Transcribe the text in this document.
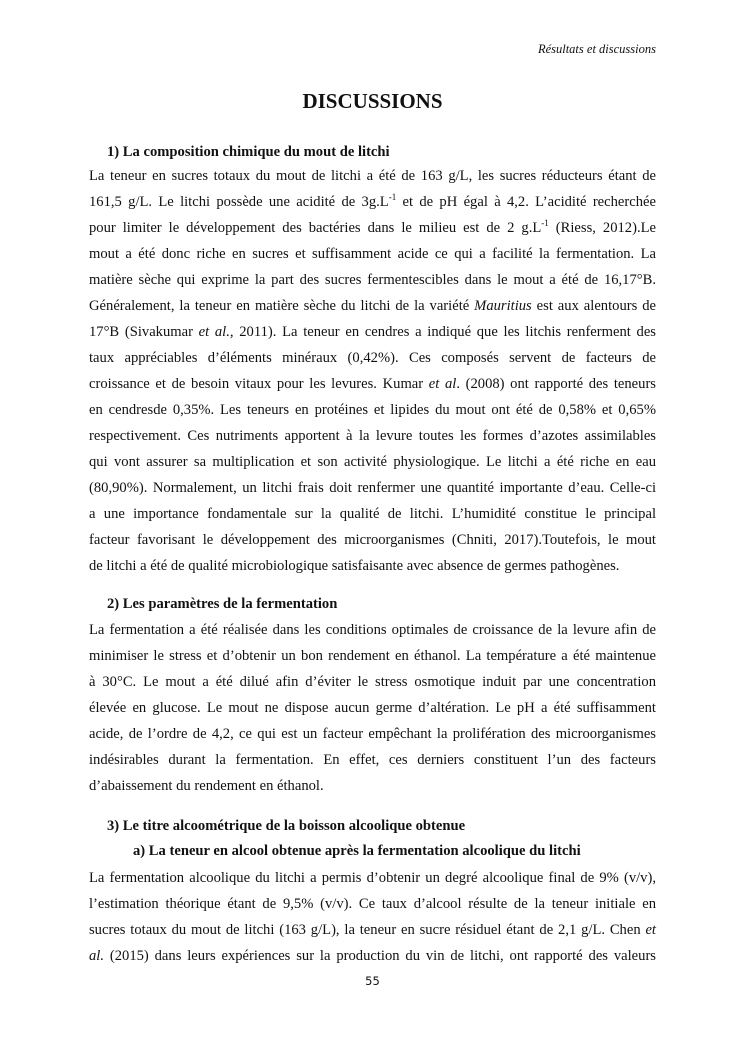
Résultats et discussions
DISCUSSIONS
1) La composition chimique du mout de litchi
La teneur en sucres totaux du mout de litchi a été de 163 g/L, les sucres réducteurs étant de
161,5 g/L. Le litchi possède une acidité de $3g.L^{-1}$ et de pH égal à 4,2. L’acidité recherchée
pour limiter le développement des bactéries dans le milieu est de 2 $g.L^{-1}$ (Riess, 2012).Le
mout a été donc riche en sucres et suffisamment acide ce qui a facilité la fermentation. La
matière sèche qui exprime la part des sucres fermentescibles dans le mout a été de 16,17°B.
Généralement, la teneur en matière sèche du litchi de la variété Mauritius est aux alentours de
17°B (Sivakumar et al., 2011). La teneur en cendres a indiqué que les litchis renferment des
taux appréciables d’éléments minéraux (0,42%). Ces composés servent de facteurs de
croissance et de besoin vitaux pour les levures. Kumar et al. (2008) ont rapporté des teneurs
en cendresde 0,35%. Les teneurs en protéines et lipides du mout ont été de 0,58% et 0,65%
respectivement. Ces nutriments apportent à la levure toutes les formes d’azotes assimilables
qui vont assurer sa multiplication et son activité physiologique. Le litchi a été riche en eau
(80,90%). Normalement, un litchi frais doit renfermer une quantité importante d’eau. Celle-ci
a une importance fondamentale sur la qualité de litchi. L’humidité constitue le principal
facteur favorisant le développement des microorganismes (Chniti, 2017).Toutefois, le mout
de litchi a été de qualité microbiologique satisfaisante avec absence de germes pathogènes.
2) Les paramètres de la fermentation
La fermentation a été réalisée dans les conditions optimales de croissance de la levure afin de
minimiser le stress et d’obtenir un bon rendement en éthanol. La température a été maintenue
à 30°C. Le mout a été dilué afin d’éviter le stress osmotique induit par une concentration
élevée en glucose. Le mout ne dispose aucun germe d’altération. Le pH a été suffisamment
acide, de l’ordre de 4,2, ce qui est un facteur empêchant la prolifération des microorganismes
indésirables durant la fermentation. En effet, ces derniers constituent l’un des facteurs
d’abaissement du rendement en éthanol.
3) Le titre alcoométrique de la boisson alcoolique obtenue
a) La teneur en alcool obtenue après la fermentation alcoolique du litchi
La fermentation alcoolique du litchi a permis d’obtenir un degré alcoolique final de 9% (v/v),
l’estimation théorique étant de 9,5% (v/v). Ce taux d’alcool résulte de la teneur initiale en
sucres totaux du mout de litchi (163 g/L), la teneur en sucre résiduel étant de 2,1 g/L. Chen et
al. (2015) dans leurs expériences sur la production du vin de litchi, ont rapporté des valeurs
55
